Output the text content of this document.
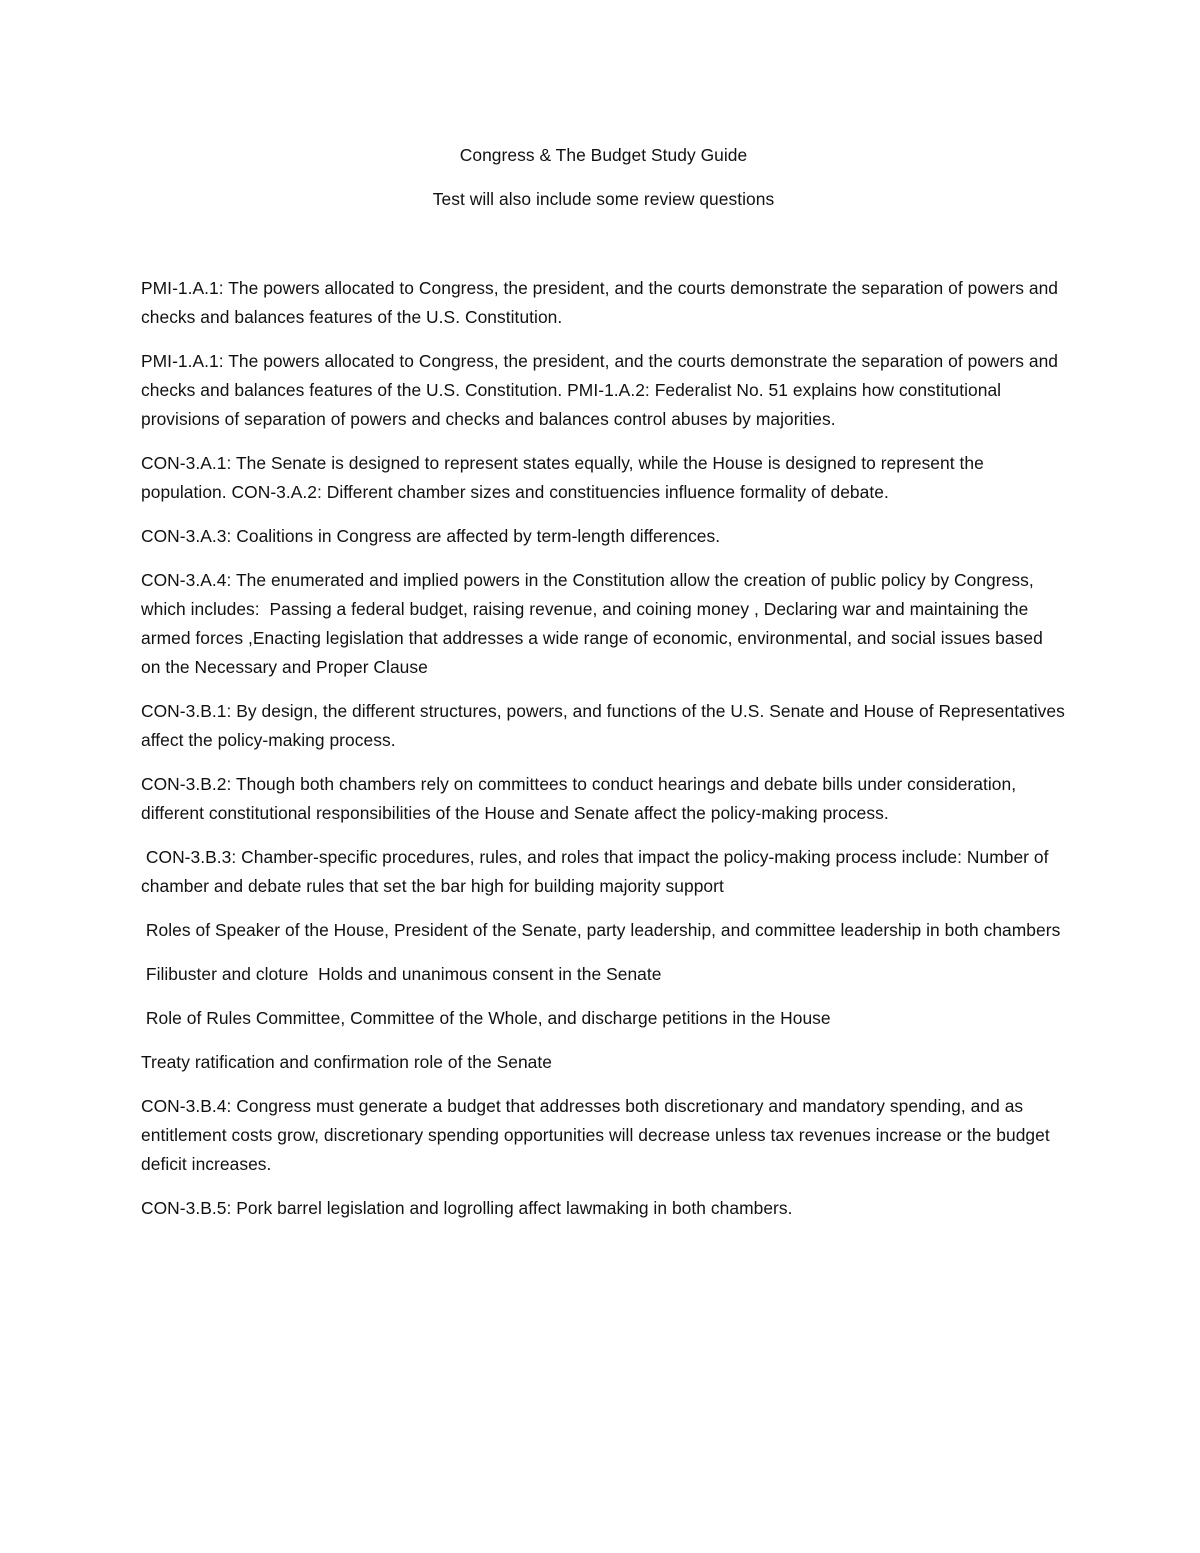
Congress & The Budget Study Guide

Test will also include some review questions

PMI-1.A.1: The powers allocated to Congress, the president, and the courts demonstrate the separation of powers and checks and balances features of the U.S. Constitution.

PMI-1.A.1: The powers allocated to Congress, the president, and the courts demonstrate the separation of powers and checks and balances features of the U.S. Constitution. PMI-1.A.2: Federalist No. 51 explains how constitutional provisions of separation of powers and checks and balances control abuses by majorities.

CON-3.A.1: The Senate is designed to represent states equally, while the House is designed to represent the population. CON-3.A.2: Different chamber sizes and constituencies influence formality of debate.

CON-3.A.3: Coalitions in Congress are affected by term-length differences.

CON-3.A.4: The enumerated and implied powers in the Constitution allow the creation of public policy by Congress, which includes:  Passing a federal budget, raising revenue, and coining money , Declaring war and maintaining the armed forces ,Enacting legislation that addresses a wide range of economic, environmental, and social issues based on the Necessary and Proper Clause

CON-3.B.1: By design, the different structures, powers, and functions of the U.S. Senate and House of Representatives affect the policy-making process.

CON-3.B.2: Though both chambers rely on committees to conduct hearings and debate bills under consideration, different constitutional responsibilities of the House and Senate affect the policy-making process.

CON-3.B.3: Chamber-specific procedures, rules, and roles that impact the policy-making process include: Number of chamber and debate rules that set the bar high for building majority support

Roles of Speaker of the House, President of the Senate, party leadership, and committee leadership in both chambers

Filibuster and cloture  Holds and unanimous consent in the Senate

Role of Rules Committee, Committee of the Whole, and discharge petitions in the House

Treaty ratification and confirmation role of the Senate

CON-3.B.4: Congress must generate a budget that addresses both discretionary and mandatory spending, and as entitlement costs grow, discretionary spending opportunities will decrease unless tax revenues increase or the budget deficit increases.

CON-3.B.5: Pork barrel legislation and logrolling affect lawmaking in both chambers.
